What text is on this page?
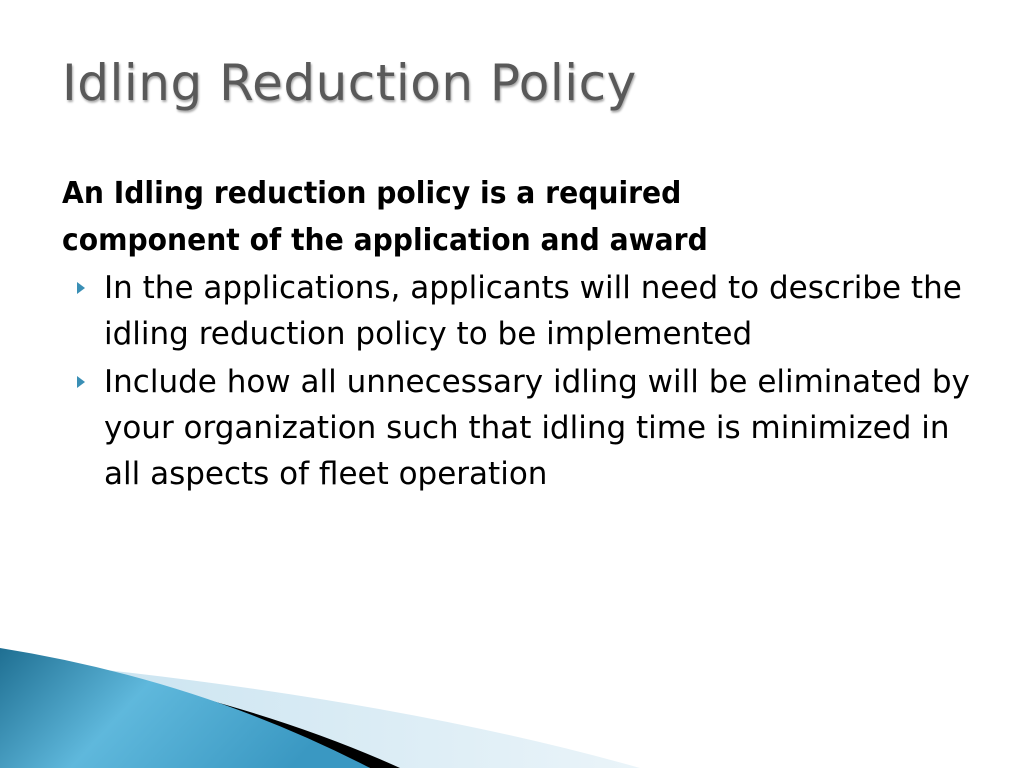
Idling Reduction Policy

An Idling reduction policy is a required component of the application and award

In the applications, applicants will need to describe the idling reduction policy to be implemented
Include how all unnecessary idling will be eliminated by your organization such that idling time is minimized in all aspects of fleet operation
